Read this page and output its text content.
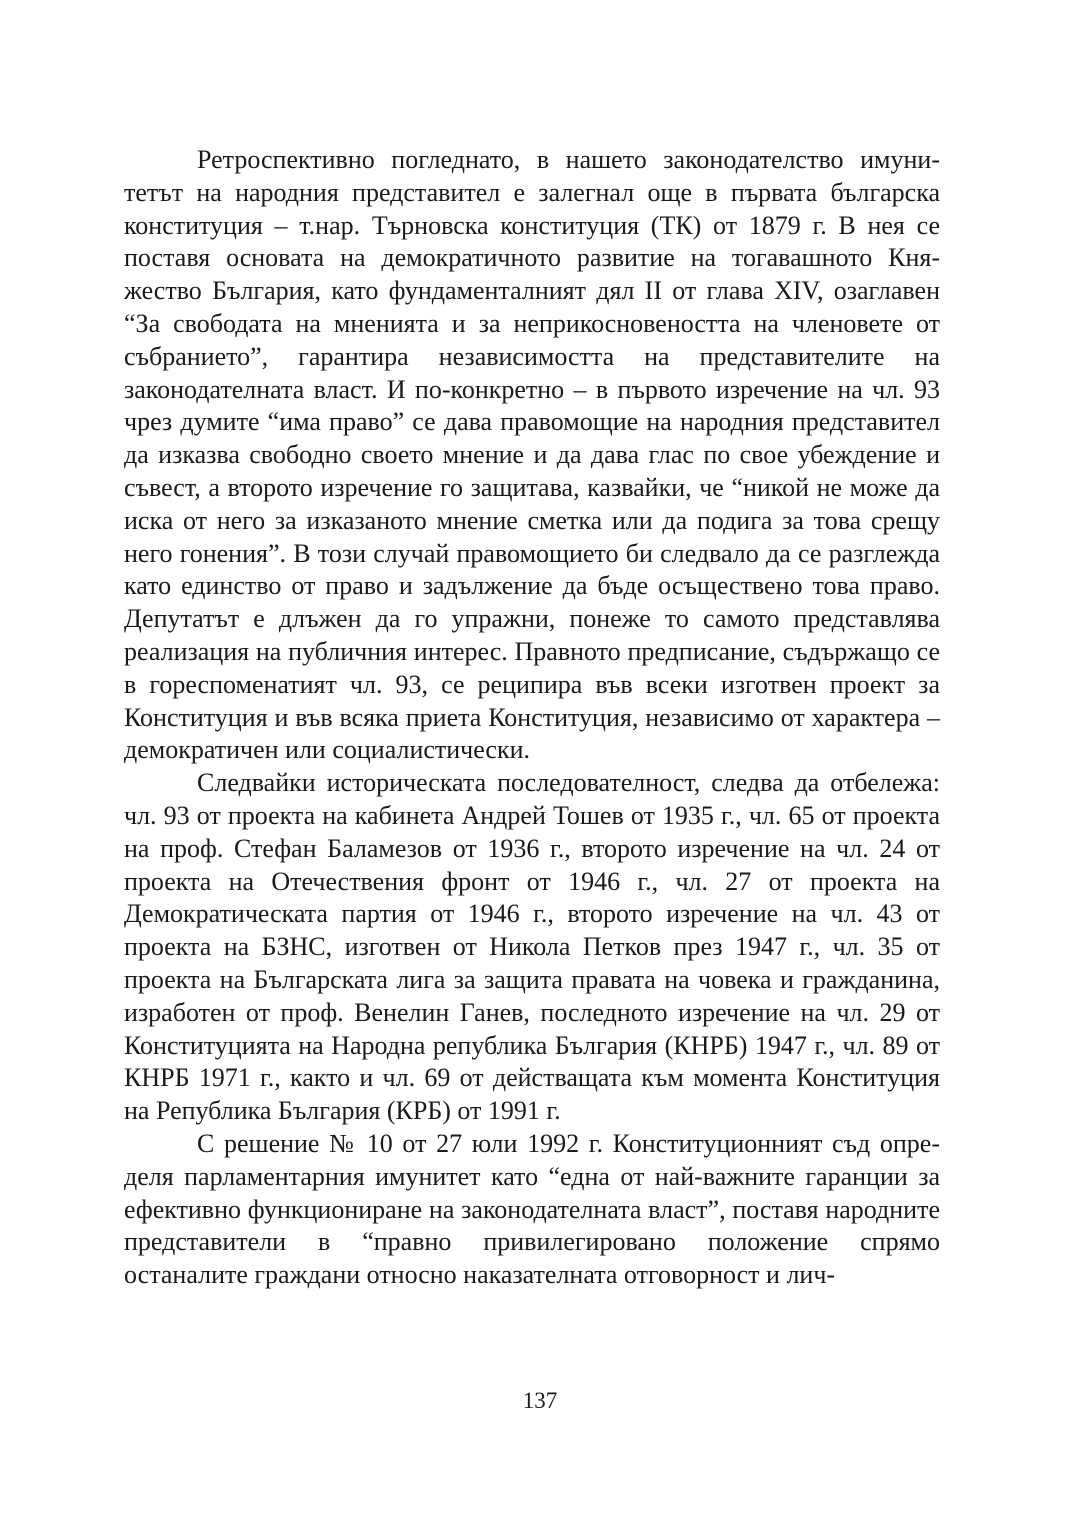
Ретроспективно погледнато, в нашето законодателство имунитетът на народния представител е залегнал още в първата българска конституция – т.нар. Търновска конституция (ТК) от 1879 г. В нея се поставя основата на демократичното развитие на тогавашното Княжество България, като фундаменталният дял II от глава XIV, озаглавен “За свободата на мненията и за неприкосновеността на членовете от събранието”, гарантира независимостта на представителите на законодателната власт. И по-конкретно – в първото изречение на чл. 93 чрез думите “има право” се дава правомощие на народния представител да изказва свободно своето мнение и да дава глас по свое убеждение и съвест, а второто изречение го защитава, казвайки, че “никой не може да иска от него за изказаното мнение сметка или да подига за това срещу него гонения”. В този случай правомощието би следвало да се разглежда като единство от право и задължение да бъде осъществено това право. Депутатът е длъжен да го упражни, понеже то самото представлява реализация на публичния интерес. Правното предписание, съдържащо се в гореспоменатият чл. 93, се реципира във всеки изготвен проект за Конституция и във всяка приета Конституция, независимо от характера – демократичен или социалистически.

Следвайки историческата последователност, следва да отбележа: чл. 93 от проекта на кабинета Андрей Тошев от 1935 г., чл. 65 от проекта на проф. Стефан Баламезов от 1936 г., второто изречение на чл. 24 от проекта на Отечествения фронт от 1946 г., чл. 27 от проекта на Демократическата партия от 1946 г., второто изречение на чл. 43 от проекта на БЗНС, изготвен от Никола Петков през 1947 г., чл. 35 от проекта на Българската лига за защита правата на човека и гражданина, изработен от проф. Венелин Ганев, последното изречение на чл. 29 от Конституцията на Народна република България (КНРБ) 1947 г., чл. 89 от КНРБ 1971 г., както и чл. 69 от действащата към момента Конституция на Република България (КРБ) от 1991 г.

С решение № 10 от 27 юли 1992 г. Конституционният съд определя парламентарния имунитет като “една от най-важните гаранции за ефективно функциониране на законодателната власт”, поставя народните представители в “правно привилегировано положение спрямо останалите граждани относно наказателната отговорност и лич-

137
